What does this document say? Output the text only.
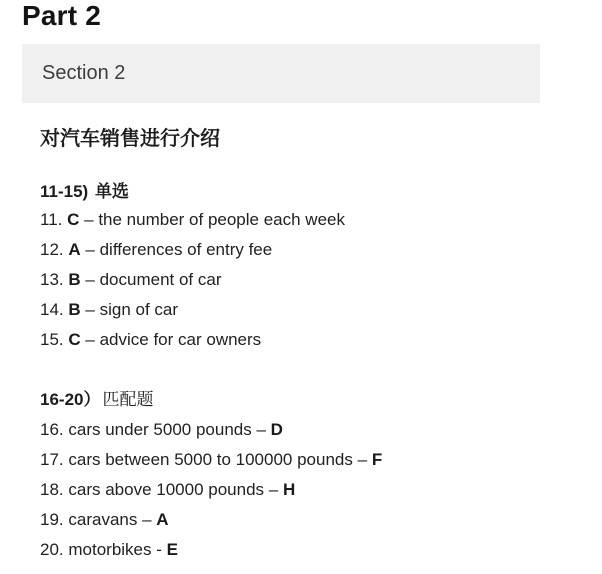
Part 2
Section 2
对汽车销售进行介绍
11-15) 单选
11. C – the number of people each week
12. A – differences of entry fee
13. B – document of car
14. B – sign of car
15. C – advice for car owners
16-20） 匹配题
16. cars under 5000 pounds – D
17. cars between 5000 to 100000 pounds – F
18. cars above 10000 pounds – H
19. caravans – A
20. motorbikes - E
